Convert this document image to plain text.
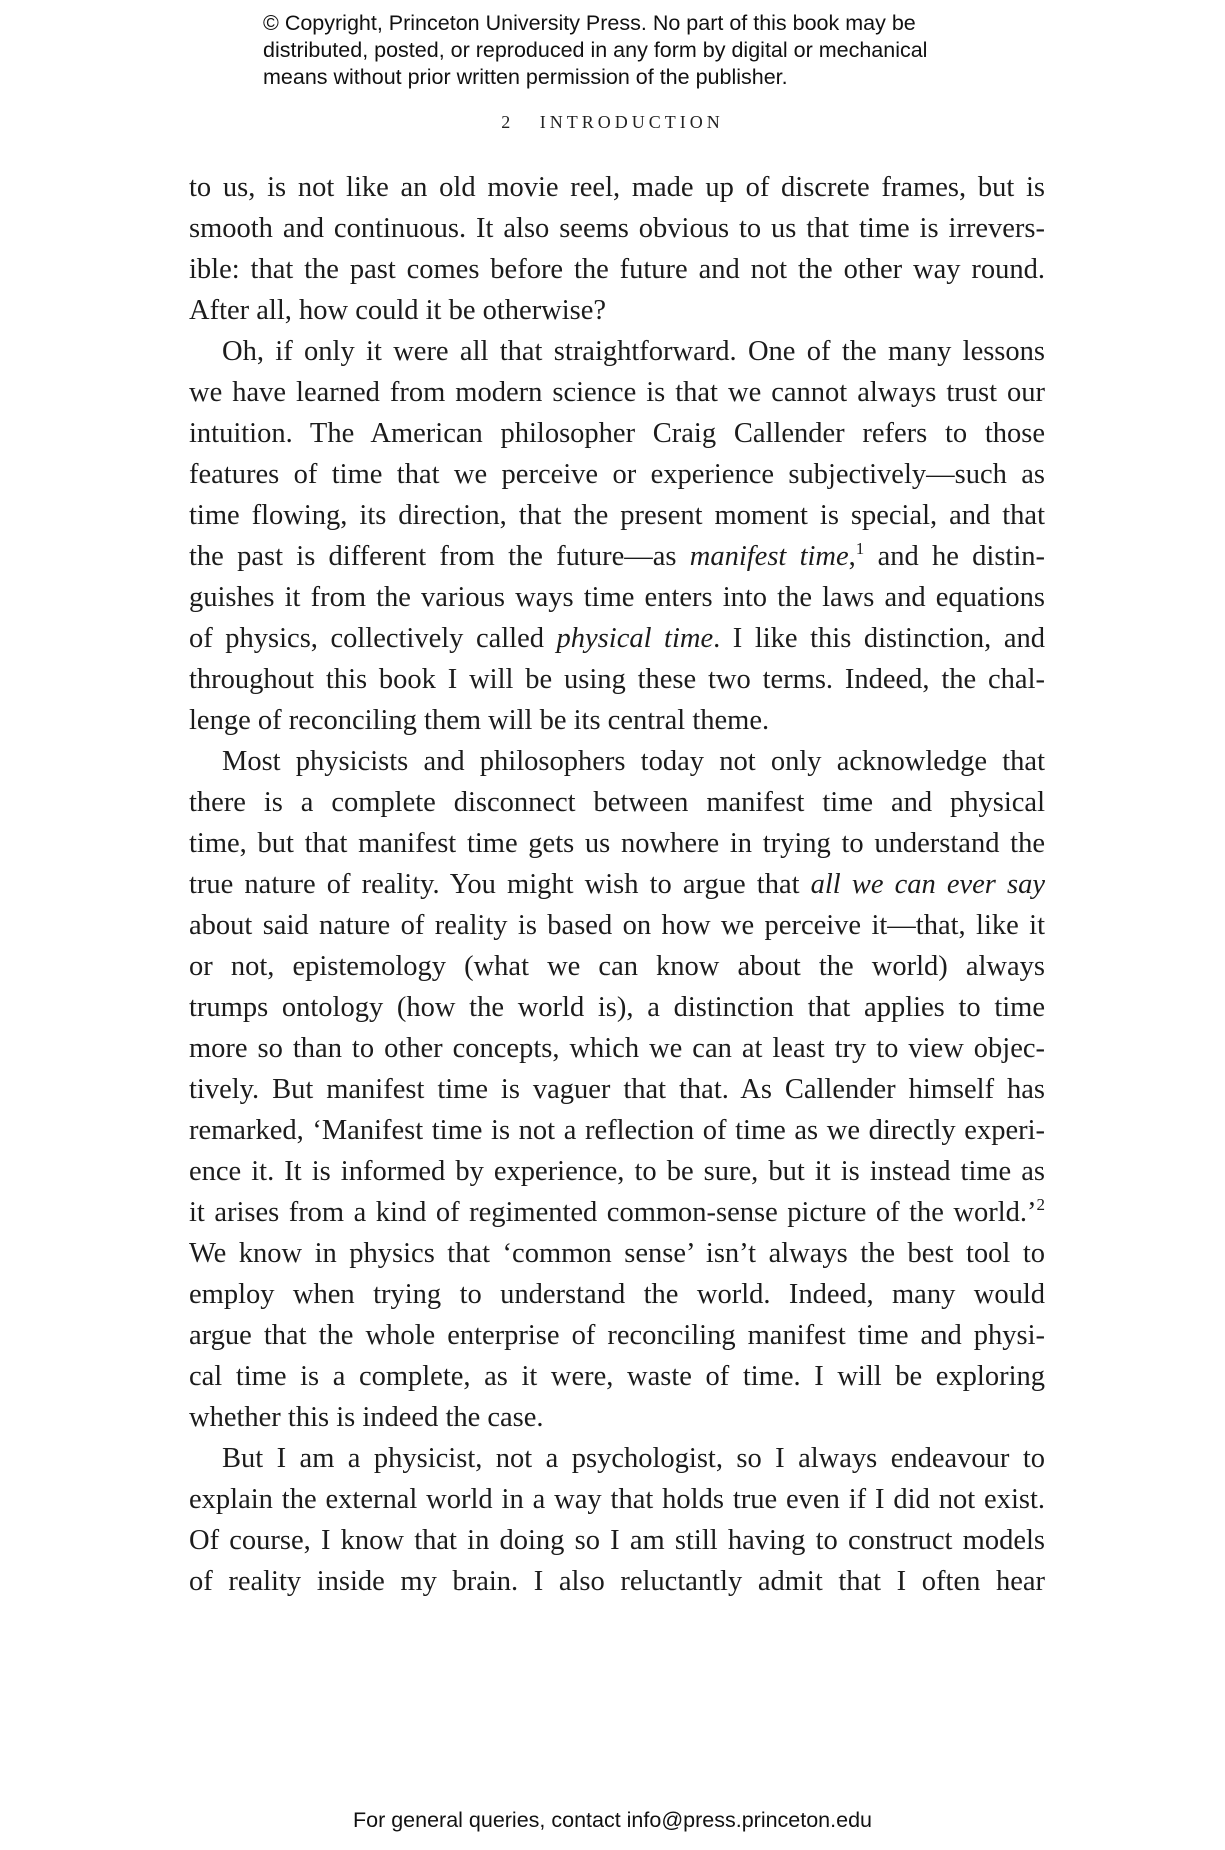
© Copyright, Princeton University Press. No part of this book may be
distributed, posted, or reproduced in any form by digital or mechanical
means without prior written permission of the publisher.
2 INTRODUCTION
to us, is not like an old movie reel, made up of discrete frames, but is
smooth and continuous. It also seems obvious to us that time is irrevers-
ible: that the past comes before the future and not the other way round.
After all, how could it be otherwise?
Oh, if only it were all that straightforward. One of the many lessons
we have learned from modern science is that we cannot always trust our
intuition. The American philosopher Craig Callender refers to those
features of time that we perceive or experience subjectively—such as
time flowing, its direction, that the present moment is special, and that
the past is different from the future—as manifest time,$^1$ and he distin-
guishes it from the various ways time enters into the laws and equations
of physics, collectively called physical time. I like this distinction, and
throughout this book I will be using these two terms. Indeed, the chal-
lenge of reconciling them will be its central theme.
Most physicists and philosophers today not only acknowledge that
there is a complete disconnect between manifest time and physical
time, but that manifest time gets us nowhere in trying to understand the
true nature of reality. You might wish to argue that all we can ever say
about said nature of reality is based on how we perceive it—that, like it
or not, epistemology (what we can know about the world) always
trumps ontology (how the world is), a distinction that applies to time
more so than to other concepts, which we can at least try to view objec-
tively. But manifest time is vaguer that that. As Callender himself has
remarked, ‘Manifest time is not a reflection of time as we directly experi-
ence it. It is informed by experience, to be sure, but it is instead time as
it arises from a kind of regimented common-sense picture of the world.’$^2$
We know in physics that ‘common sense’ isn’t always the best tool to
employ when trying to understand the world. Indeed, many would
argue that the whole enterprise of reconciling manifest time and physi-
cal time is a complete, as it were, waste of time. I will be exploring
whether this is indeed the case.
But I am a physicist, not a psychologist, so I always endeavour to
explain the external world in a way that holds true even if I did not exist.
Of course, I know that in doing so I am still having to construct models
of reality inside my brain. I also reluctantly admit that I often hear
For general queries, contact info@press.princeton.edu
